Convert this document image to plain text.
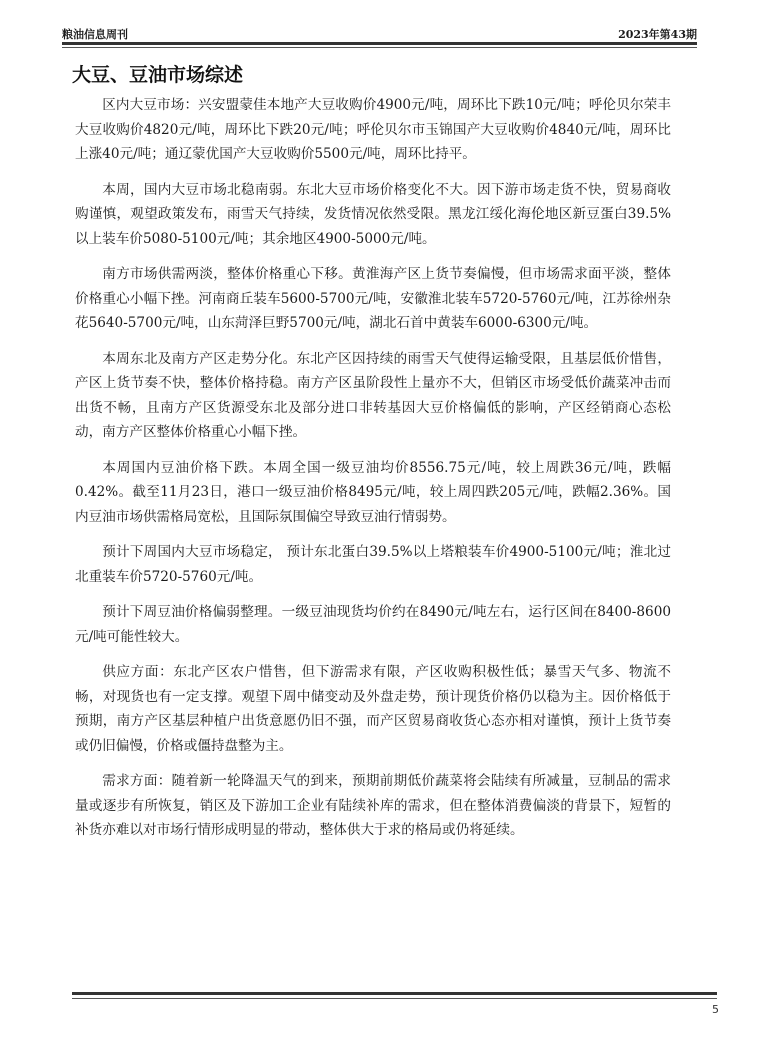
粮油信息周刊	2023年第43期
大豆、豆油市场综述

区内大豆市场：兴安盟蒙佳本地产大豆收购价4900元/吨，周环比下跌10元/吨；呼伦贝尔荣丰大豆收购价4820元/吨，周环比下跌20元/吨；呼伦贝尔市玉锦国产大豆收购价4840元/吨，周环比上涨40元/吨；通辽蒙优国产大豆收购价5500元/吨，周环比持平。

本周，国内大豆市场北稳南弱。东北大豆市场价格变化不大。因下游市场走货不快，贸易商收购谨慎，观望政策发布，雨雪天气持续，发货情况依然受限。黑龙江绥化海伦地区新豆蛋白39.5%以上装车价5080-5100元/吨；其余地区4900-5000元/吨。

南方市场供需两淡，整体价格重心下移。黄淮海产区上货节奏偏慢，但市场需求面平淡，整体价格重心小幅下挫。河南商丘装车5600-5700元/吨，安徽淮北装车5720-5760元/吨，江苏徐州杂花5640-5700元/吨，山东菏泽巨野5700元/吨，湖北石首中黄装车6000-6300元/吨。

本周东北及南方产区走势分化。东北产区因持续的雨雪天气使得运输受限，且基层低价惜售，产区上货节奏不快，整体价格持稳。南方产区虽阶段性上量亦不大，但销区市场受低价蔬菜冲击而出货不畅，且南方产区货源受东北及部分进口非转基因大豆价格偏低的影响，产区经销商心态松动，南方产区整体价格重心小幅下挫。

本周国内豆油价格下跌。本周全国一级豆油均价8556.75元/吨，较上周跌36元/吨，跌幅0.42%。截至11月23日，港口一级豆油价格8495元/吨，较上周四跌205元/吨，跌幅2.36%。国内豆油市场供需格局宽松，且国际氛围偏空导致豆油行情弱势。

预计下周国内大豆市场稳定， 预计东北蛋白39.5%以上塔粮装车价4900-5100元/吨；淮北过北重装车价5720-5760元/吨。

预计下周豆油价格偏弱整理。一级豆油现货均价约在8490元/吨左右，运行区间在8400-8600元/吨可能性较大。

供应方面：东北产区农户惜售，但下游需求有限，产区收购积极性低；暴雪天气多、物流不畅，对现货也有一定支撑。观望下周中储变动及外盘走势，预计现货价格仍以稳为主。因价格低于预期，南方产区基层种植户出货意愿仍旧不强，而产区贸易商收货心态亦相对谨慎，预计上货节奏或仍旧偏慢，价格或僵持盘整为主。

需求方面：随着新一轮降温天气的到来，预期前期低价蔬菜将会陆续有所减量，豆制品的需求量或逐步有所恢复，销区及下游加工企业有陆续补库的需求，但在整体消费偏淡的背景下，短暂的补货亦难以对市场行情形成明显的带动，整体供大于求的格局或仍将延续。

5
